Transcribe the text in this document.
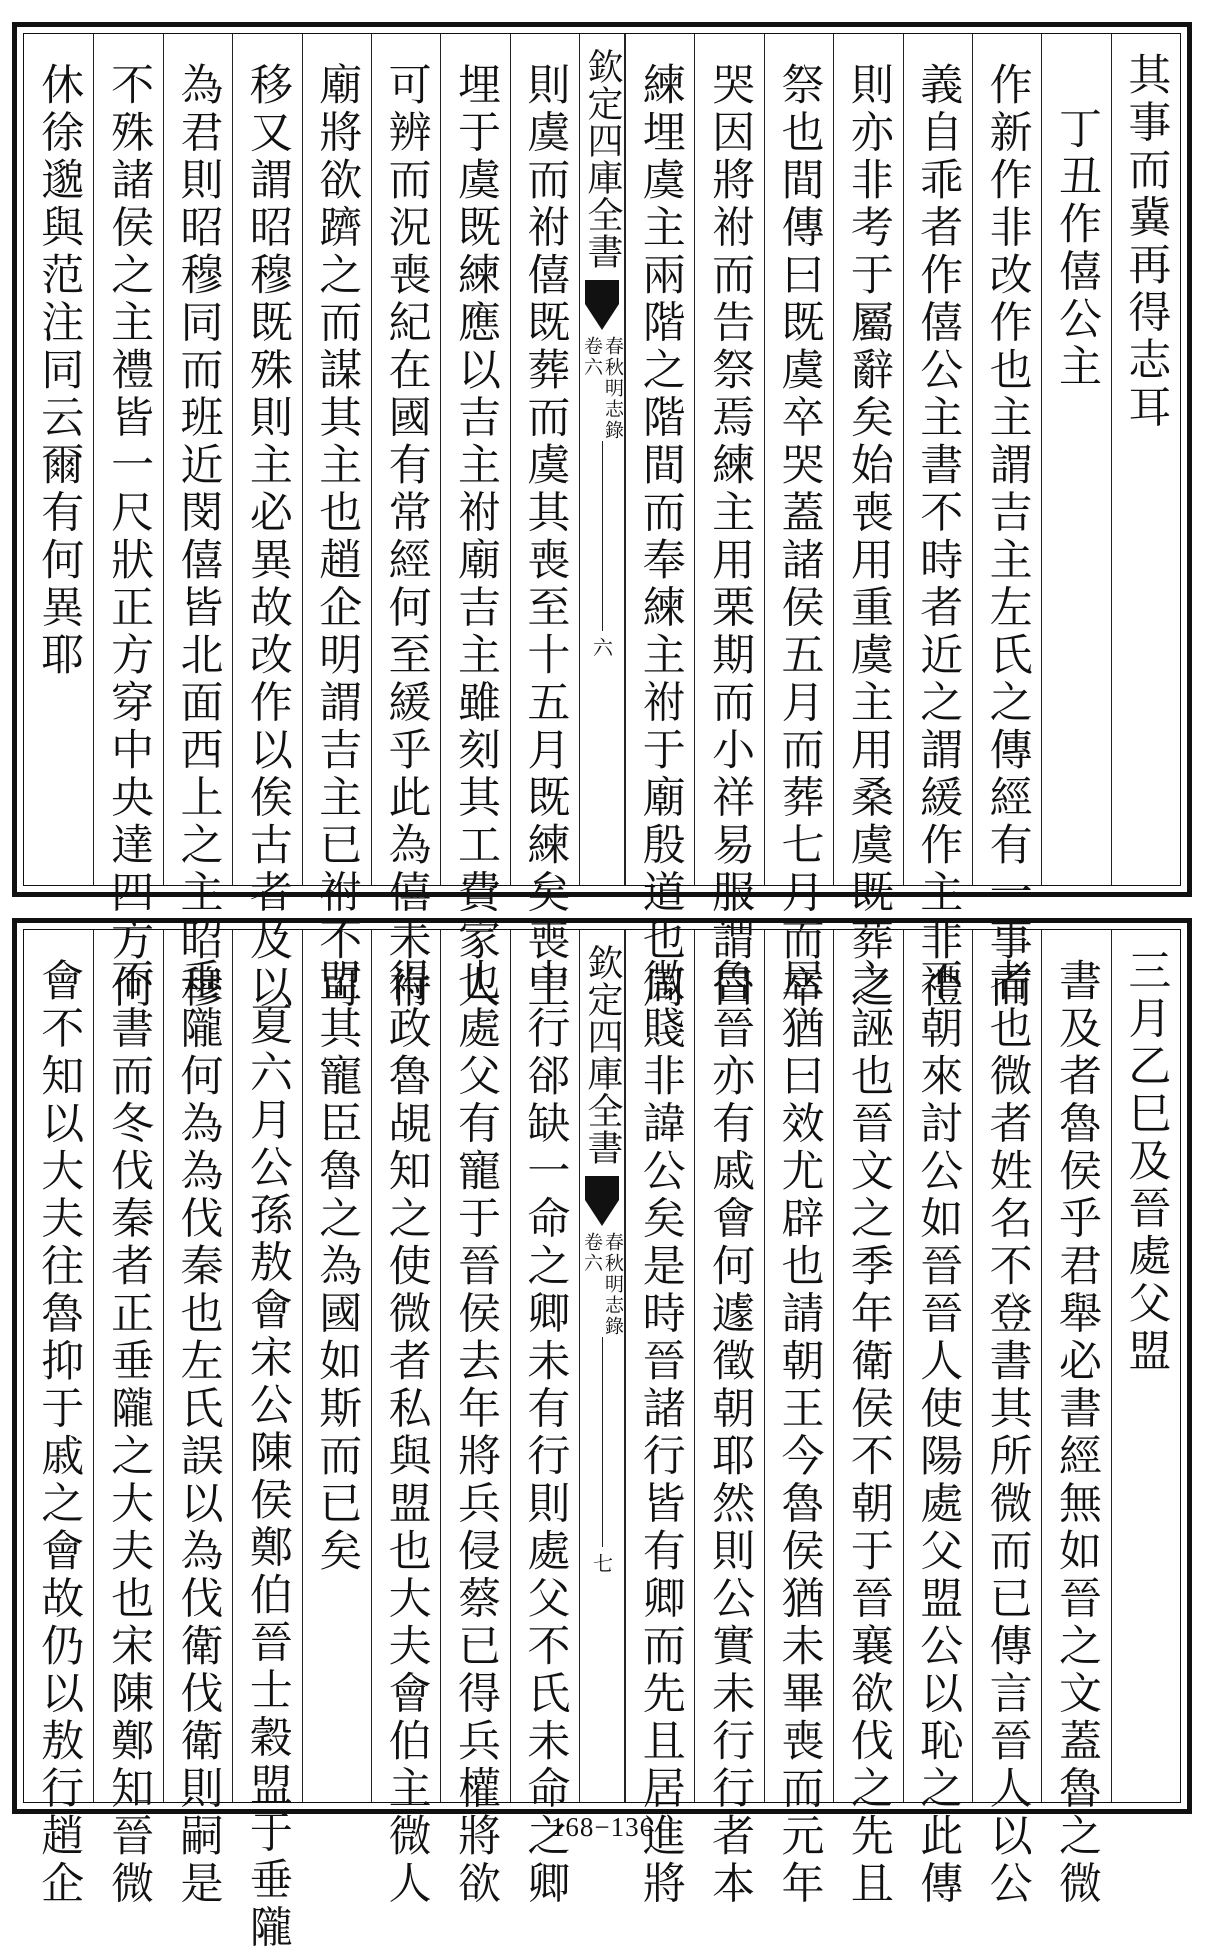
其事而冀再得志耳
丁丑作僖公主
作新作非改作也主謂吉主左氏之傳經有一事而
義自乖者作僖公主書不時者近之謂緩作主非禮
則亦非考于屬辭矣始喪用重虞主用桑虞既葬之
祭也間傳曰既虞卒哭蓋諸侯五月而葬七月而卒
哭因將祔而告祭焉練主用栗期而小祥易服謂曰
練埋虞主兩階之階間而奉練主祔于廟殷道也周
欽定四庫全書
春秋明志錄
卷六
六
則虞而祔僖既葬而虞其喪至十五月既練矣喪主
埋于虞既練應以吉主祔廟吉主雖刻其工費家人
可辨而況喪紀在國有常經何至緩乎此為僖未祔
廟將欲躋之而謀其主也趙企明謂吉主已祔不可
移又謂昭穆既殊則主必異故改作以俟古者及以
為君則昭穆同而班近閔僖皆北面西上之主昭穆
不殊諸侯之主禮皆一尺狀正方穿中央達四方何
休徐邈與范注同云爾有何異耶
三月乙巳及晉處父盟
書及者魯侯乎君舉必書經無如晉之文蓋魯之微
者也微者姓名不登書其所微而已傳言晉人以公
不朝來討公如晉晉人使陽處父盟公以恥之此傳
之誣也晉文之季年衛侯不朝于晉襄欲伐之先且
居猶曰效尤辟也請朝王今魯侯猶未畢喪而元年
魯晉亦有戚會何遽徵朝耶然則公實未行行者本
微賤非諱公矣是時晉諸行皆有卿而先且居進將
欽定四庫全書
春秋明志錄
卷六
七
中行郤缺一命之卿未有行則處父不氏未命之卿
也處父有寵于晉侯去年將兵侵蔡已得兵權將欲
得政魯覘知之使微者私與盟也大夫會伯主微人
盟其寵臣魯之為國如斯而已矣
夏六月公孫敖會宋公陳侯鄭伯晉士穀盟于垂隴
垂隴何為為伐秦也左氏誤以為伐衛伐衛則嗣是
不書而冬伐秦者正垂隴之大夫也宋陳鄭知晉微
會不知以大夫往魯抑于戚之會故仍以敖行趙企	168−136
